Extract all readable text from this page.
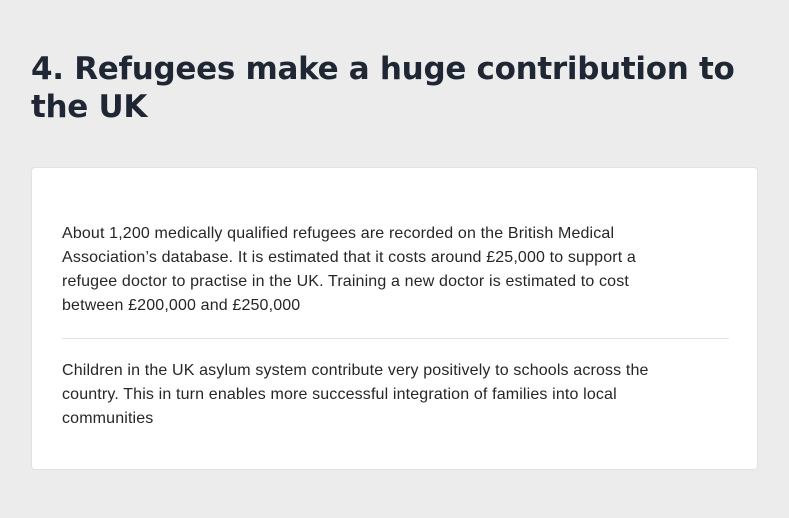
4. Refugees make a huge contribution to the UK

About 1,200 medically qualified refugees are recorded on the British Medical Association’s database. It is estimated that it costs around £25,000 to support a refugee doctor to practise in the UK. Training a new doctor is estimated to cost between £200,000 and £250,000

Children in the UK asylum system contribute very positively to schools across the country. This in turn enables more successful integration of families into local communities
